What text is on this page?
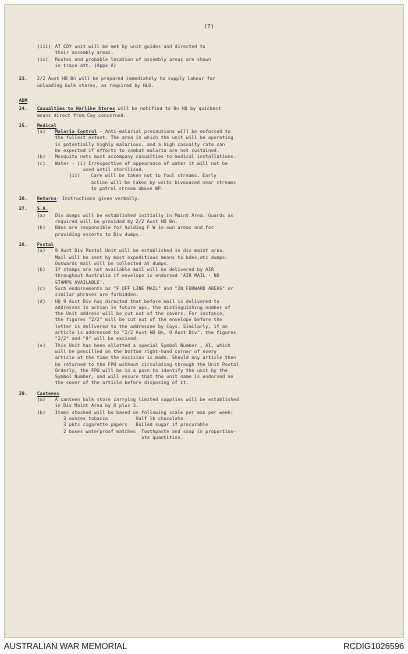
(7)

(iii) AT COY unit will be met by unit guides and directed to
their assembly areas.
(iv) Routes and probable location of assembly areas are shown
in trace att. (Appx A)
23. 2/2 Aust HD Bn will be prepared immediately to supply labour for
unloading bulk stores, as required by HLO.
ADM
24. Casualties to Harlike Stores will be notified to Bn HQ by quickest
means direct from Coy concerned.
25. Medical
(a) Malaria Control - Anti-malarial precautions will be enforced to
the fullest extent. The area in which the unit will be operating
is potentially highly malarious, and a high casualty rate can
be expected if efforts to combat malaria are not sustained.
(b) Mosquito nets must accompany casualties to medical installations.
(c) Water - (i) Irrespective of appearance of water it will not be
used until sterilised.
(ii) Care will be taken not to foul streams. Early
action will be taken by units bivouaced near streams
to patrol stream above WP.
26. Returns- Instructions given verbally.
27. S.A.
(a) Div dumps will be established initially in Maint Area. Guards as
required will be provided by 2/2 Aust HD Bn.
(b) Bdes are responsible for holding F W in own areas and for
providing escorts to Div dumps.
28. Postal
(a) 9 Aust Div Postal Unit will be established in div maint area.
Mail will be sent by most expeditious means to bdes,etc dumps.
Outwards mail will be collected at dumps.
(b) If stamps are not available mail will be delivered by AIR
throughout Australia if envelope is endorsed 'AIR MAIL - NO
STAMPS AVAILABLE'.
(c) Such endorsements as "F OFF LINE MAIL" and "IN FORWARD AREAS" or
similar phrases are forbidden.
(d) HQ 9 Aust Div has directed that before mail is delivered to
addresses in action in future ops, the distinguishing number of
the Unit address will be cut out of the covers. For instance,
the figures "2/2" will be cut out of the envelope before the
letter is delivered to the addressee by Coys. Similarly, if an
article is addressed to "2/2 Aust HD Bn, 9 Aust Div", the figures
"2/2" and "9" will be excised.
(e) This Unit has been allotted a special Symbol Number , A1, which
will be pencilled on the bottom right-hand corner of every
article at the time the excision is made. Should any article then
be returned to the FPO without circulating through the Unit Postal
Orderly, the FPO will be in a posn to identify the unit by the
Symbol Number, and will ensure that the unit name is endorsed on
the cover of the article before disposing of it.
29. Canteens
(a) A canteen bulk store carrying limited supplies will be established
in Div Maint Area by D plus 3.
(b) Items stocked will be based on following scale per man per week:
3 ounces tobacco          Half lb chocolate
3 pkts cigarette papers   Boiled sugar if procurable
2 boxes waterproof matches  Toothpaste and soap in proportion-
ate quantities.

AUSTRALIAN WAR MEMORIAL	RCDIG1026596
